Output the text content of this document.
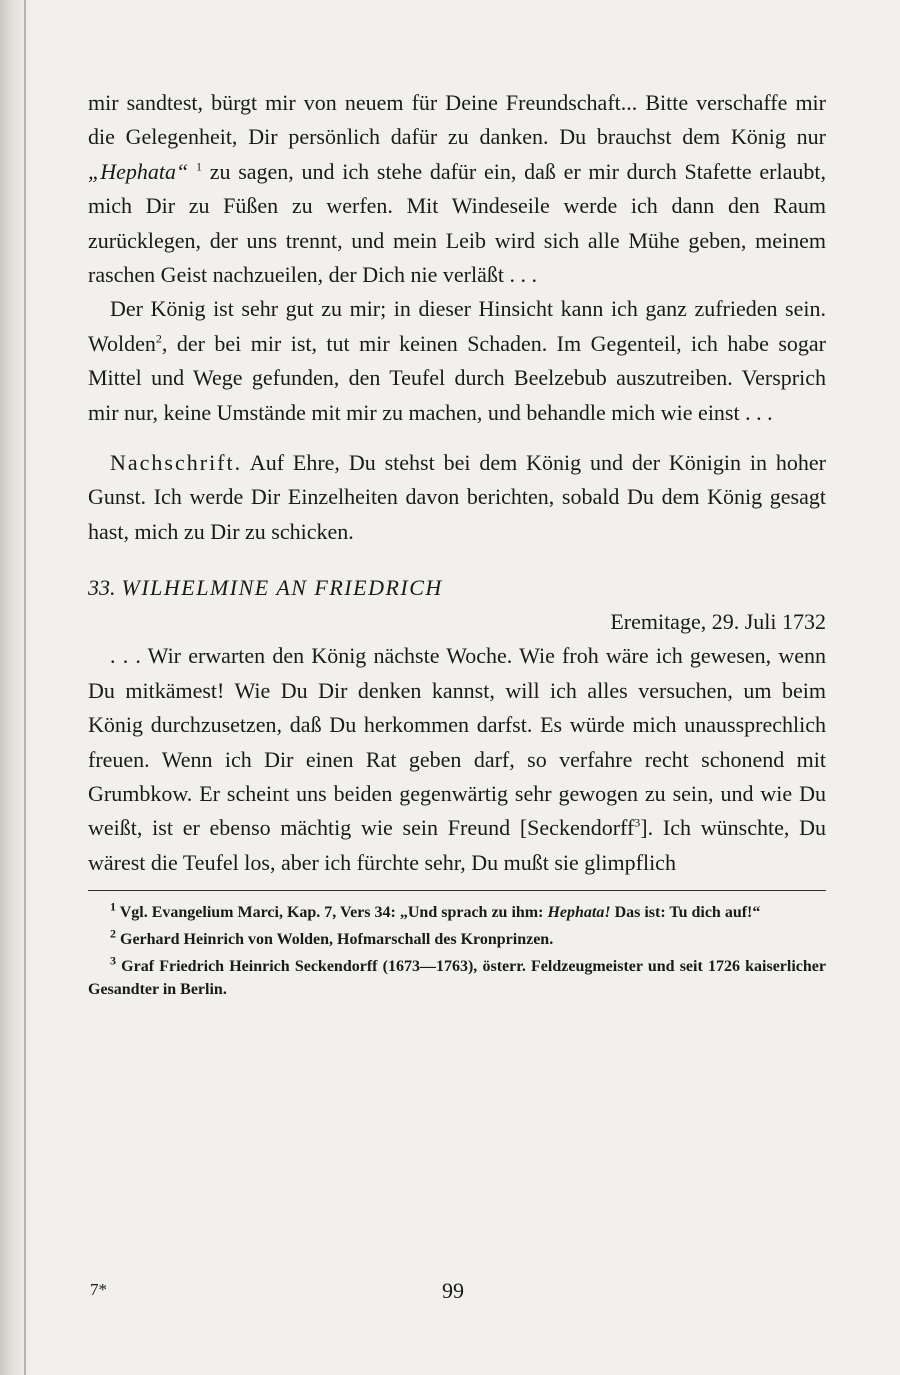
mir sandtest, bürgt mir von neuem für Deine Freundschaft... Bitte verschaffe mir die Gelegenheit, Dir persönlich dafür zu danken. Du brauchst dem König nur „Hephata“ $^1$ zu sagen, und ich stehe dafür ein, daß er mir durch Stafette erlaubt, mich Dir zu Füßen zu werfen. Mit Windeseile werde ich dann den Raum zurücklegen, der uns trennt, und mein Leib wird sich alle Mühe geben, meinem raschen Geist nachzueilen, der Dich nie verläßt . . .

Der König ist sehr gut zu mir; in dieser Hinsicht kann ich ganz zufrieden sein. Wolden$^2$, der bei mir ist, tut mir keinen Schaden. Im Gegenteil, ich habe sogar Mittel und Wege gefunden, den Teufel durch Beelzebub auszutreiben. Versprich mir nur, keine Umstände mit mir zu machen, und behandle mich wie einst . . .

Nachschrift. Auf Ehre, Du stehst bei dem König und der Königin in hoher Gunst. Ich werde Dir Einzelheiten davon berichten, sobald Du dem König gesagt hast, mich zu Dir zu schicken.

33. WILHELMINE AN FRIEDRICH
Eremitage, 29. Juli 1732

. . . Wir erwarten den König nächste Woche. Wie froh wäre ich gewesen, wenn Du mitkämest! Wie Du Dir denken kannst, will ich alles versuchen, um beim König durchzusetzen, daß Du herkommen darfst. Es würde mich unaussprechlich freuen. Wenn ich Dir einen Rat geben darf, so verfahre recht schonend mit Grumbkow. Er scheint uns beiden gegenwärtig sehr gewogen zu sein, und wie Du weißt, ist er ebenso mächtig wie sein Freund [Seckendorff$^3$]. Ich wünschte, Du wärest die Teufel los, aber ich fürchte sehr, Du mußt sie glimpflich

$^1$ Vgl. Evangelium Marci, Kap. 7, Vers 34: „Und sprach zu ihm: Hephata! Das ist: Tu dich auf!“

$^2$ Gerhard Heinrich von Wolden, Hofmarschall des Kronprinzen.

$^3$ Graf Friedrich Heinrich Seckendorff (1673—1763), österr. Feldzeugmeister und seit 1726 kaiserlicher Gesandter in Berlin.

7*	99
